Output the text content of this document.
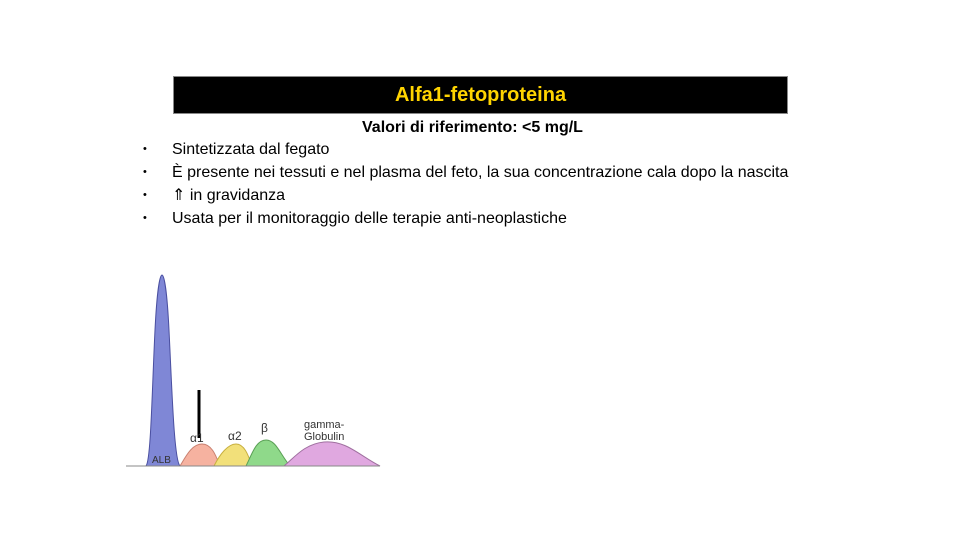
Alfa1-fetoproteina
Valori di riferimento: <5 mg/L
• Sintetizzata dal fegato
• È presente nei tessuti e nel plasma del feto, la sua concentrazione cala dopo la nascita
• ⇑ in gravidanza
• Usata per il monitoraggio delle terapie anti-neoplastiche
ALB
α1 α2
β	gamma-
Globulin
